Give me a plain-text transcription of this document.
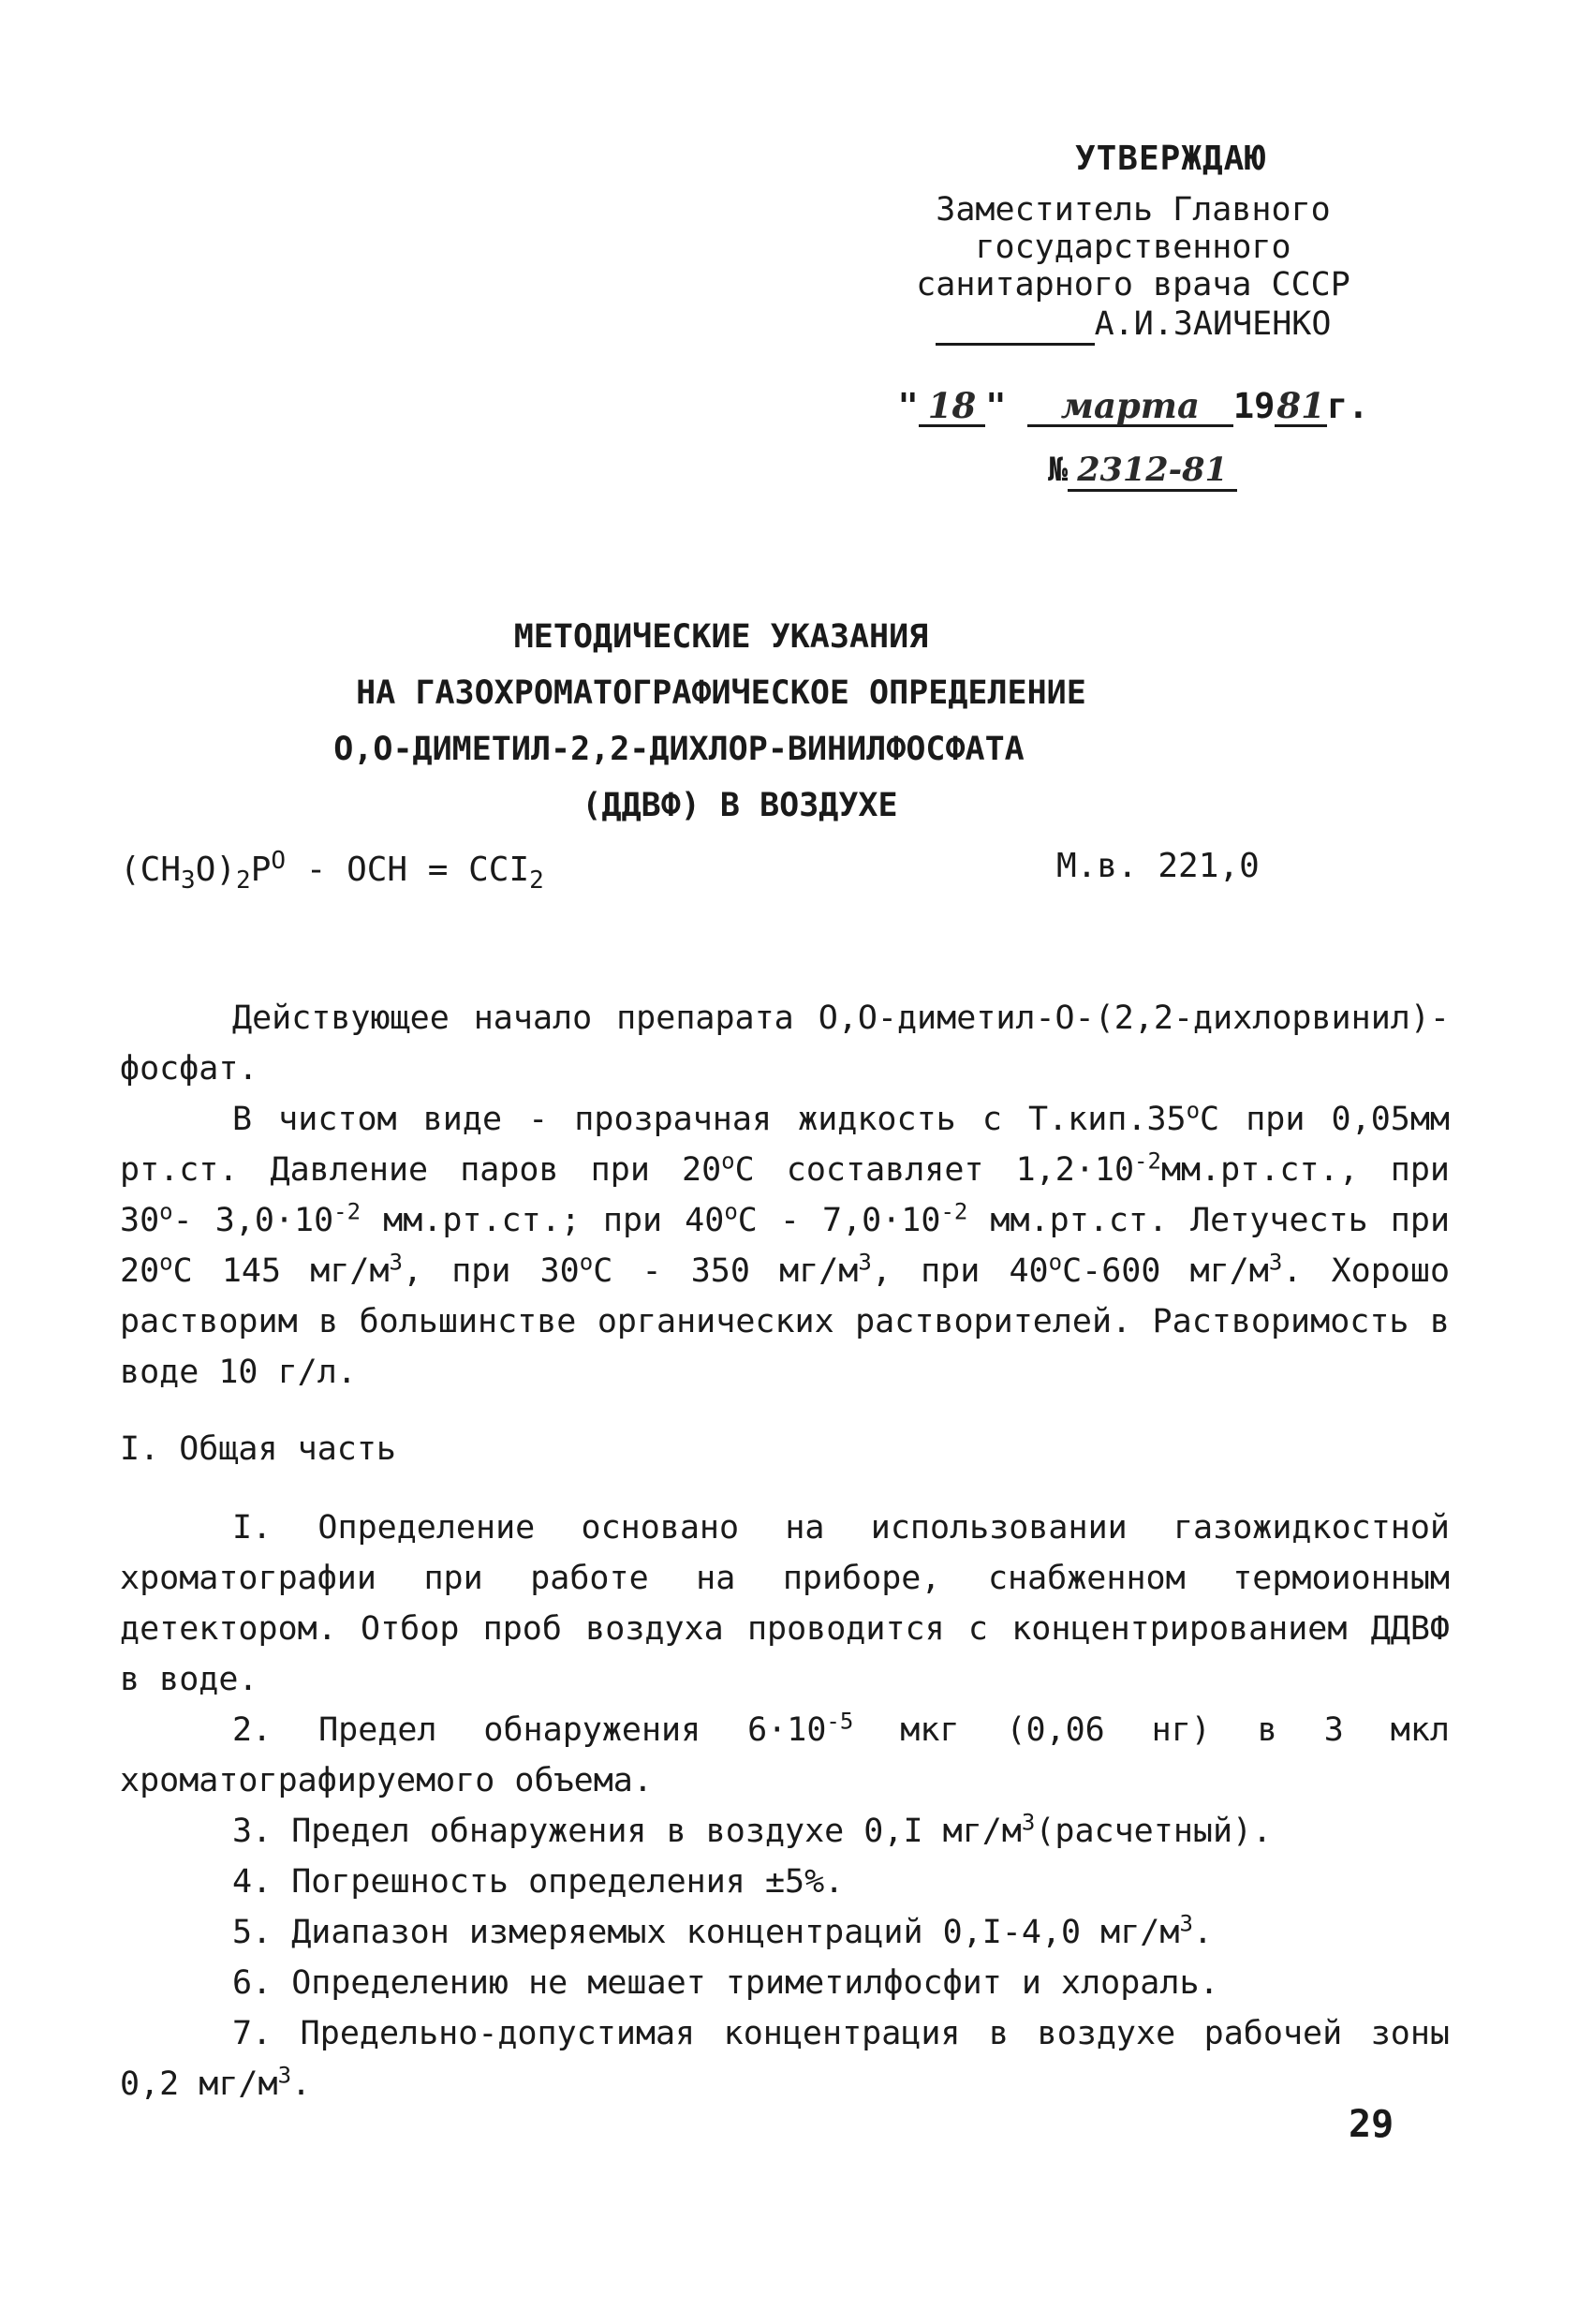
УТВЕРЖДАЮ
Заместитель Главного
государственного
санитарного врача СССР
А.И.ЗАИЧЕНКО
" 18 " марта 1981г.
№ 2312-81
МЕТОДИЧЕСКИЕ УКАЗАНИЯ
НА ГАЗОХРОМАТОГРАФИЧЕСКОЕ ОПРЕДЕЛЕНИЕ
О,О-ДИМЕТИЛ-2,2-ДИХЛОР-ВИНИЛФОСФАТА
(ДДВФ) В ВОЗДУХЕ
$(CH_3O)_2P^O$ - OCH = $CCI_2$	М.в. 221,0

Действующее начало препарата О,О-диметил-О-(2,2-дихлорвинил)-фосфат.

В чистом виде - прозрачная жидкость с $Т.кип.35^оС$ при 0,05мм рт.ст. Давление паров при $20^оС$ составляет $1,2\cdot 10^{-2}мм.рт.ст$., при $30^о-$ $3,0\cdot 10^{-2}$ мм.рт.ст.; при $40^оС - 7,0\cdot 10^{-2}$ мм.рт.ст. Летучесть при $20^оС$ 145 $мг/м^3$, при $30^оС - 350$ $мг/м^3$, при $40^оС-600$ $мг/м^3$. Хорошо растворим в большинстве органических растворителей. Растворимость в воде 10 г/л.

I. Общая часть

I. Определение основано на использовании газожидкостной хроматографии при работе на приборе, снабженном термоионным детектором. Отбор проб воздуха проводится с концентрированием ДДВФ в воде.

2. Предел обнаружения $6\cdot 10^{-5}$ мкг (0,06 нг) в 3 мкл хроматографируемого объема.

3. Предел обнаружения в воздухе 0,I $мг/м^3(расчетный)$.

4. Погрешность определения ±5%.

5. Диапазон измеряемых концентраций 0,I-4,0 $мг/м^3$.

6. Определению не мешает триметилфосфит и хлораль.

7. Предельно-допустимая концентрация в воздухе рабочей зоны 0,2 $мг/м^3$.

29
